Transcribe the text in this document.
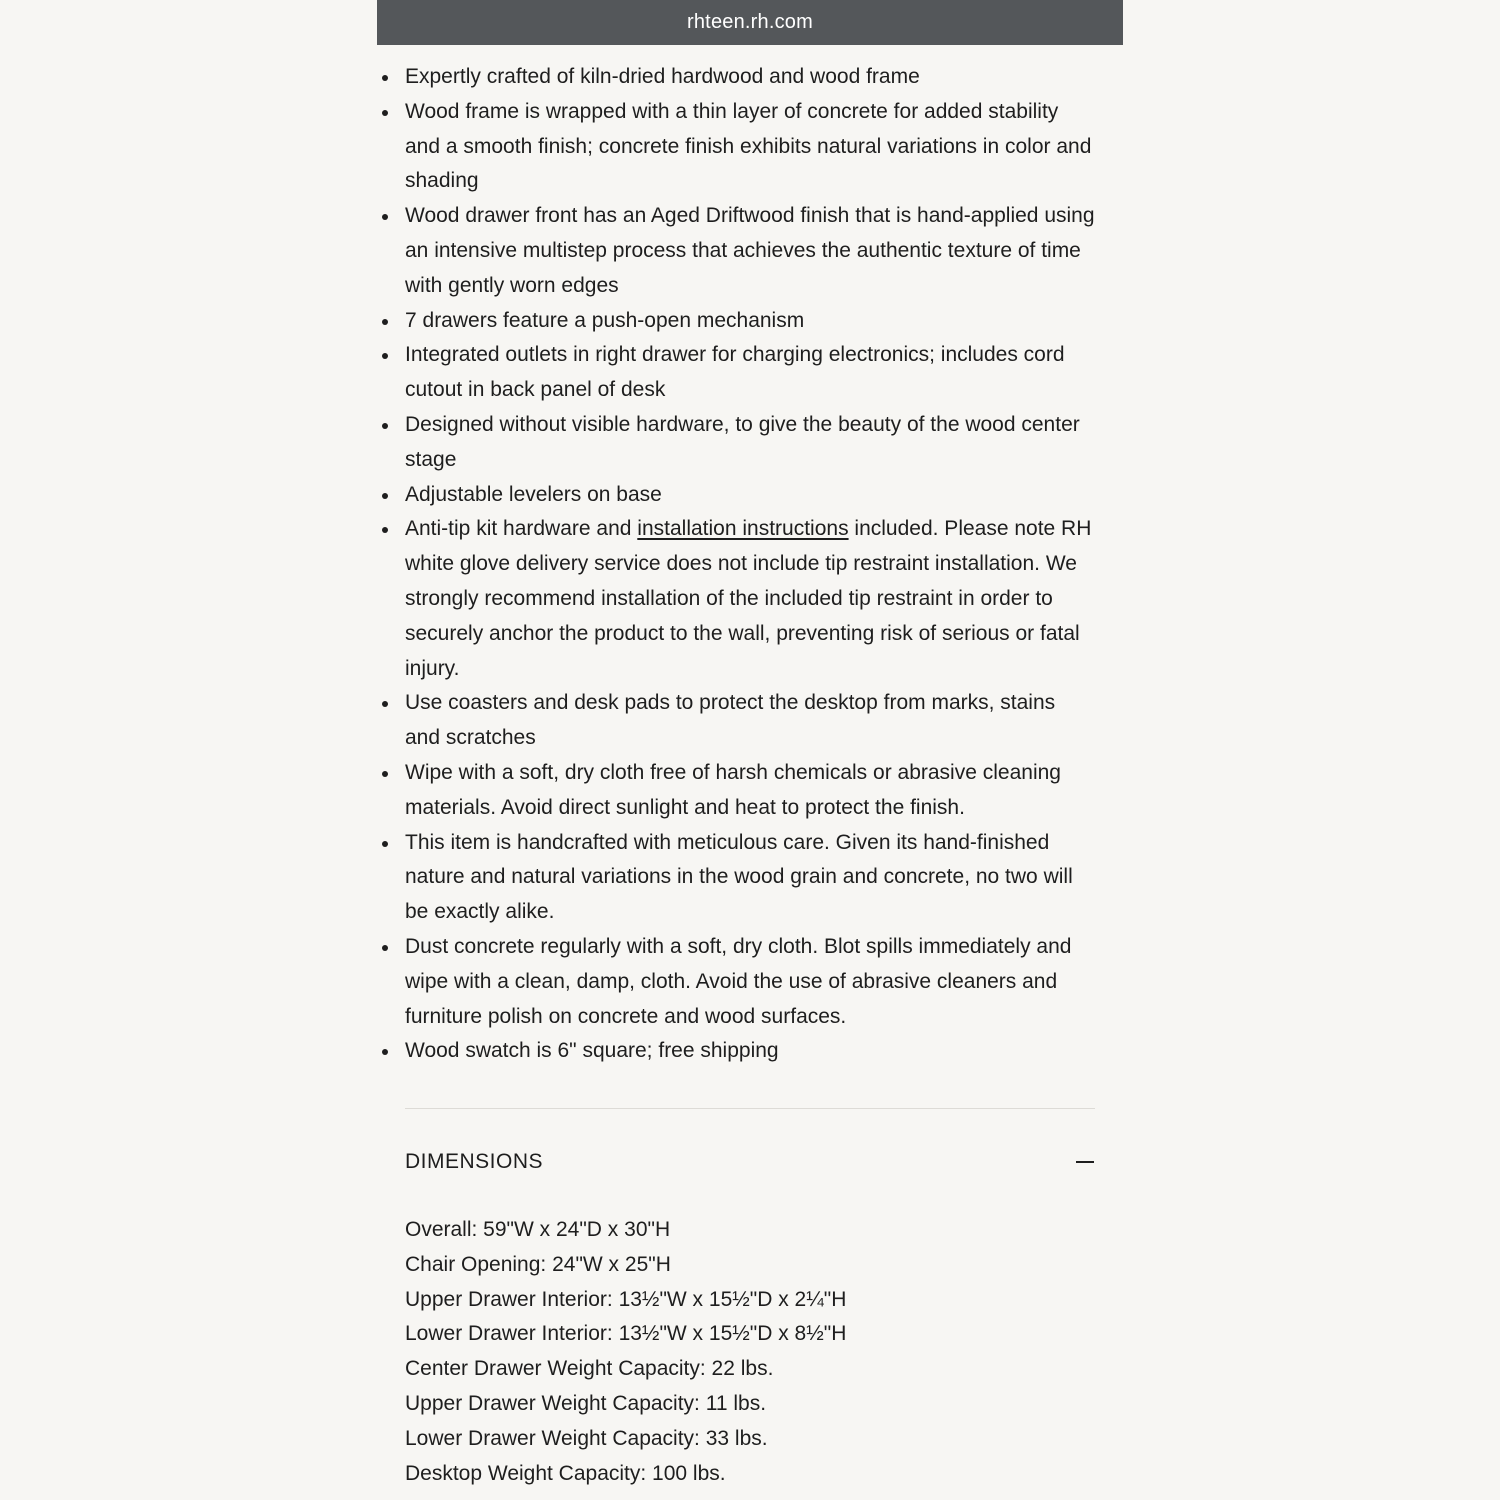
rhteen.rh.com
Expertly crafted of kiln-dried hardwood and wood frame
Wood frame is wrapped with a thin layer of concrete for added stability and a smooth finish; concrete finish exhibits natural variations in color and shading
Wood drawer front has an Aged Driftwood finish that is hand-applied using an intensive multistep process that achieves the authentic texture of time with gently worn edges
7 drawers feature a push-open mechanism
Integrated outlets in right drawer for charging electronics; includes cord cutout in back panel of desk
Designed without visible hardware, to give the beauty of the wood center stage
Adjustable levelers on base
Anti-tip kit hardware and installation instructions included. Please note RH white glove delivery service does not include tip restraint installation. We strongly recommend installation of the included tip restraint in order to securely anchor the product to the wall, preventing risk of serious or fatal injury.
Use coasters and desk pads to protect the desktop from marks, stains and scratches
Wipe with a soft, dry cloth free of harsh chemicals or abrasive cleaning materials. Avoid direct sunlight and heat to protect the finish.
This item is handcrafted with meticulous care. Given its hand-finished nature and natural variations in the wood grain and concrete, no two will be exactly alike.
Dust concrete regularly with a soft, dry cloth. Blot spills immediately and wipe with a clean, damp, cloth. Avoid the use of abrasive cleaners and furniture polish on concrete and wood surfaces.
Wood swatch is 6" square; free shipping
DIMENSIONS
Overall: 59"W x 24"D x 30"H
Chair Opening: 24"W x 25"H
Upper Drawer Interior: 13½"W x 15½"D x 2¼"H
Lower Drawer Interior: 13½"W x 15½"D x 8½"H
Center Drawer Weight Capacity: 22 lbs.
Upper Drawer Weight Capacity: 11 lbs.
Lower Drawer Weight Capacity: 33 lbs.
Desktop Weight Capacity: 100 lbs.
